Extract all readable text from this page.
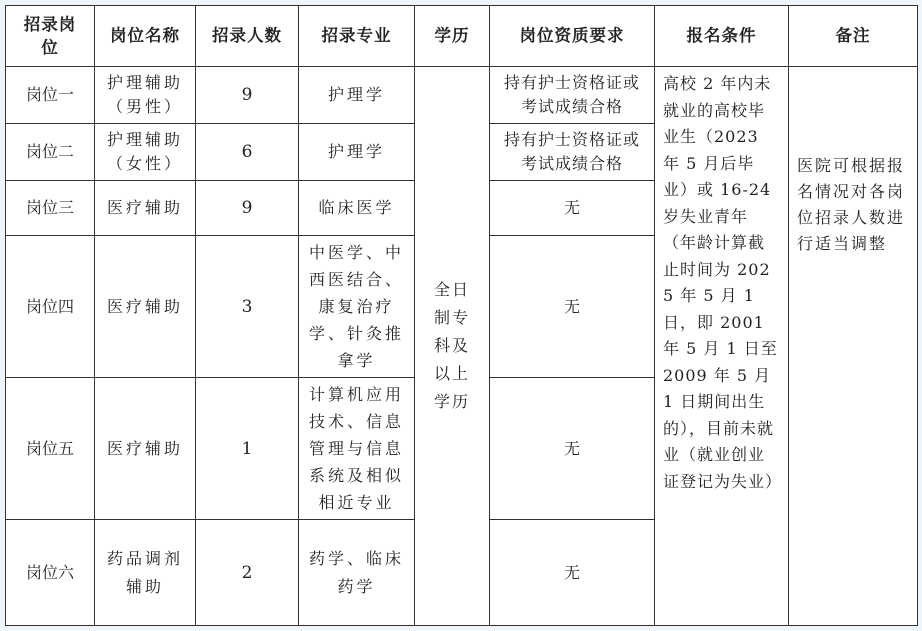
招录岗位	岗位名称	招录人数	招录专业	学历	岗位资质要求	报名条件	备注
岗位一	护理辅助（男性）	9	护理学	全日制专科及以上学历	持有护士资格证或考试成绩合格	高校 2 年内未就业的高校毕业生（2023 年 5 月后毕业）或 16-24 岁失业青年（年龄计算截止时间为 2025 年 5 月 1 日，即 2001 年 5 月 1 日至 2009 年 5 月 1 日期间出生的），目前未就业（就业创业证登记为失业）	医院可根据报名情况对各岗位招录人数进行适当调整
岗位二	护理辅助（女性）	6	护理学		持有护士资格证或考试成绩合格		
岗位三	医疗辅助	9	临床医学		无		
岗位四	医疗辅助	3	中医学、中西医结合、康复治疗学、针灸推拿学		无		
岗位五	医疗辅助	1	计算机应用技术、信息管理与信息系统及相似相近专业		无		
岗位六	药品调剂辅助	2	药学、临床药学		无		
